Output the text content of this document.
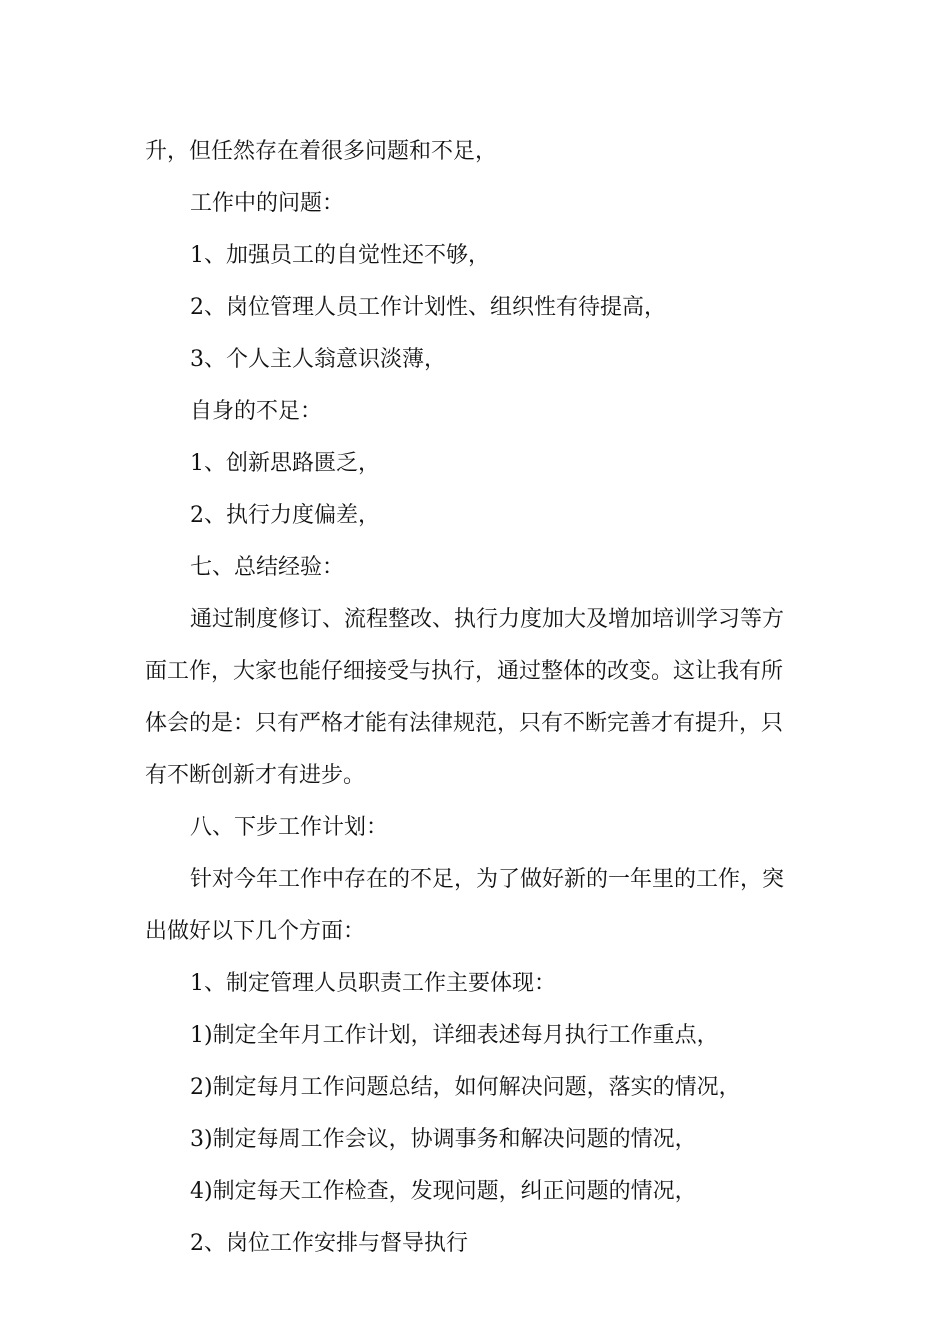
升，但任然存在着很多问题和不足，

工作中的问题：

1、加强员工的自觉性还不够，

2、岗位管理人员工作计划性、组织性有待提高，

3、个人主人翁意识淡薄，

自身的不足：

1、创新思路匮乏，

2、执行力度偏差，

七、总结经验：

通过制度修订、流程整改、执行力度加大及增加培训学习等方
面工作，大家也能仔细接受与执行，通过整体的改变。这让我有所
体会的是：只有严格才能有法律规范，只有不断完善才有提升，只
有不断创新才有进步。

八、下步工作计划：

针对今年工作中存在的不足，为了做好新的一年里的工作，突
出做好以下几个方面：

1、制定管理人员职责工作主要体现：

1)制定全年月工作计划，详细表述每月执行工作重点，

2)制定每月工作问题总结，如何解决问题，落实的情况，

3)制定每周工作会议，协调事务和解决问题的情况，

4)制定每天工作检查，发现问题，纠正问题的情况，

2、岗位工作安排与督导执行
